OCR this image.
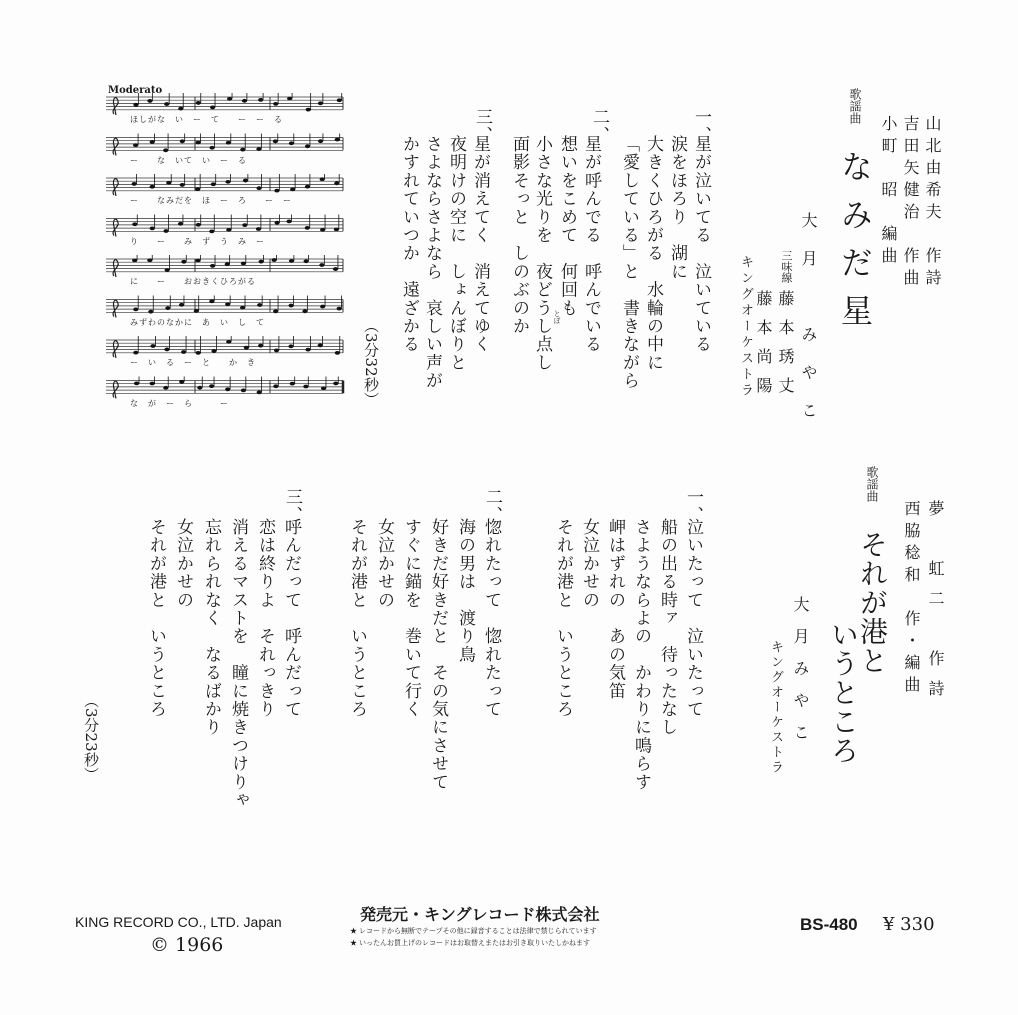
歌謡曲
山北由希夫　作詩
吉田矢健治　作曲
小町　昭　編曲
なみだ星
大月　みやこ
三味線
藤本琇丈
藤本尚陽
キングオーケストラ
一、
星が泣いてる　泣いている
涙をほろり　湖に
大きくひろがる　水輪の中に
「愛している」と　書きながら
二、
星が呼んでる　呼んでいる
想いをこめて　何回も
小さな光りを　夜どうし点し とぼ
面影そっと　しのぶのか
三、
星が消えてく　消えてゆく
夜明けの空に　しょんぼりと
さよならさよなら　哀しい声が
かすれていつか　遠ざかる
（3分32秒）
Moderato
ほしがな　い　ー　て　　ー　ー　る
ー　　な　いて　い　ー　る
ー　　なみだを　ほ　ー　ろ　　ー　ー
り　　ー　　み　ず　う　み　ー
に　　ー　　おおきくひろがる
みずわのなかに　あ　い　し　て
ー　い　る　ー　と　　か　き
な　が　ー　ら　　　ー
歌謡曲
夢　虹二　作詩
西脇稔和　作・編曲
それが港と
いうところ
大　月　み　や　こ
キングオーケストラ
一、
泣いたって　泣いたって
船の出る時ァ　待ったなし
さようならよの　かわりに鳴らす
岬はずれの　あの気笛
女泣かせの
それが港と　いうところ
二、
惚れたって　惚れたって
海の男は　渡り鳥
好きだ好きだと　その気にさせて
すぐに錨を　巻いて行く
女泣かせの
それが港と　いうところ
三、
呼んだって　呼んだって
恋は終りよ　それっきり
消えるマストを　瞳に焼きつけりゃ
忘れられなく　なるばかり
女泣かせの
それが港と　いうところ
（3分23秒）
KING RECORD CO., LTD. Japan
© 1966
発売元・キングレコード株式会社
★ レコードから無断でテープその他に録音することは法律で禁じられています
★ いったんお買上げのレコードはお取替えまたはお引き取りいたしかねます
BS-480 ¥ 330
